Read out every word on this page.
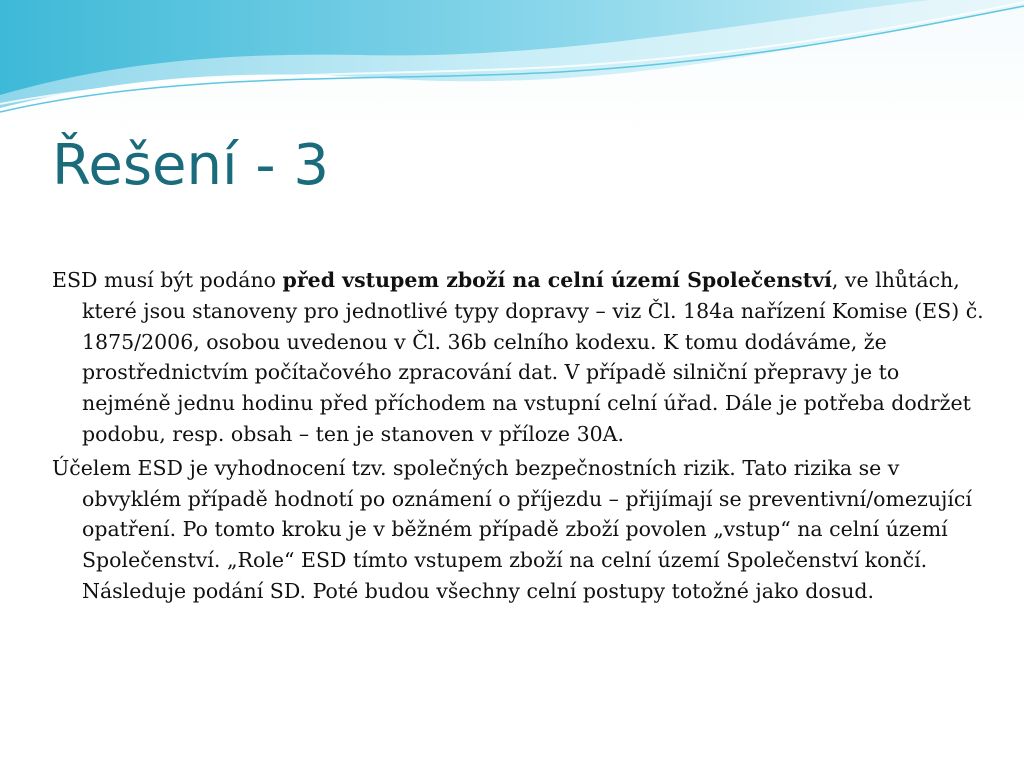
Řešení - 3

ESD musí být podáno před vstupem zboží na celní území Společenství, ve lhůtách, které jsou stanoveny pro jednotlivé typy dopravy – viz Čl. 184a nařízení Komise (ES) č. 1875/2006, osobou uvedenou v Čl. 36b celního kodexu. K tomu dodáváme, že prostřednictvím počítačového zpracování dat. V případě silniční přepravy je to nejméně jednu hodinu před příchodem na vstupní celní úřad. Dále je potřeba dodržet podobu, resp. obsah – ten je stanoven v příloze 30A.

Účelem ESD je vyhodnocení tzv. společných bezpečnostních rizik. Tato rizika se v obvyklém případě hodnotí po oznámení o příjezdu – přijímají se preventivní/omezující opatření. Po tomto kroku je v běžném případě zboží povolen „vstup“ na celní území Společenství. „Role“ ESD tímto vstupem zboží na celní území Společenství končí. Následuje podání SD. Poté budou všechny celní postupy totožné jako dosud.
